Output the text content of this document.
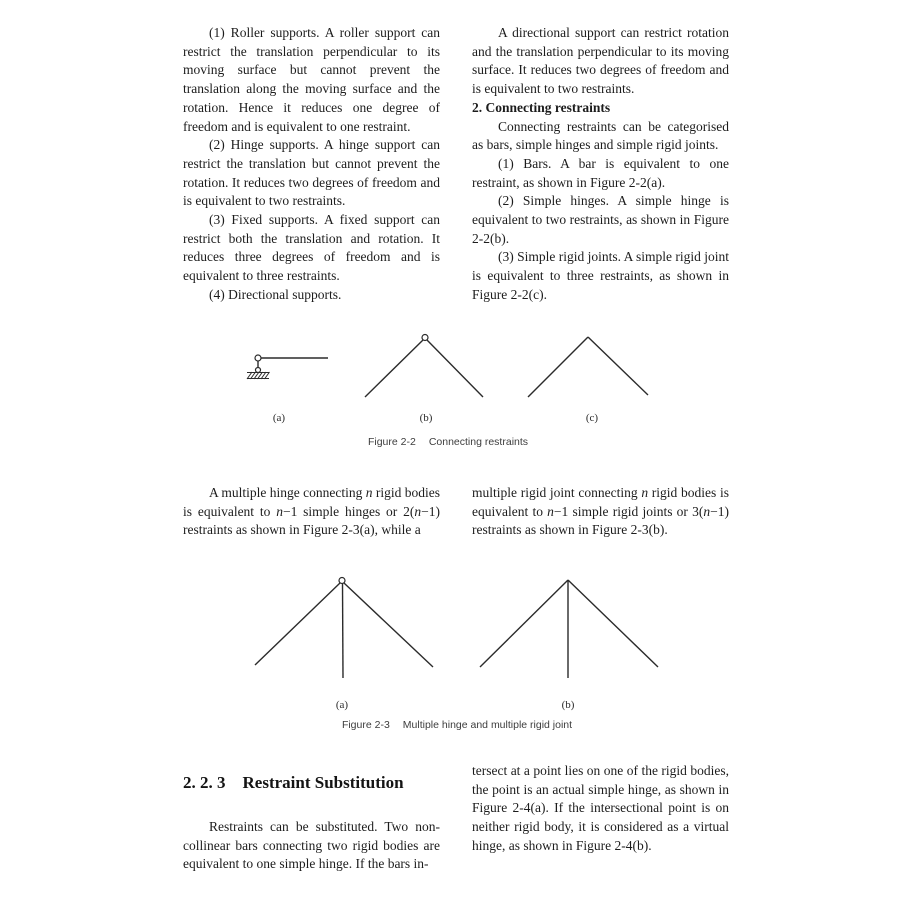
(1) Roller supports. A roller support can restrict the translation perpendicular to its moving surface but cannot prevent the translation along the moving surface and the rotation. Hence it reduces one degree of freedom and is equivalent to one restraint.

(2) Hinge supports. A hinge support can restrict the translation but cannot prevent the rotation. It reduces two degrees of freedom and is equivalent to two restraints.

(3) Fixed supports. A fixed support can restrict both the translation and rotation. It reduces three degrees of freedom and is equivalent to three restraints.

(4) Directional supports.

A directional support can restrict rotation and the translation perpendicular to its moving surface. It reduces two degrees of freedom and is equivalent to two restraints.

2. Connecting restraints

Connecting restraints can be categorised as bars, simple hinges and simple rigid joints.

(1) Bars. A bar is equivalent to one restraint, as shown in Figure 2-2(a).

(2) Simple hinges. A simple hinge is equivalent to two restraints, as shown in Figure 2-2(b).

(3) Simple rigid joints. A simple rigid joint is equivalent to three restraints, as shown in Figure 2-2(c).

(a)	(b)	(c)
Figure 2-2 Connecting restraints

A multiple hinge connecting n rigid bodies is equivalent to n−1 simple hinges or 2(n−1) restraints as shown in Figure 2-3(a), while a

multiple rigid joint connecting n rigid bodies is equivalent to n−1 simple rigid joints or 3(n−1) restraints as shown in Figure 2-3(b).

(a)	(b)
Figure 2-3 Multiple hinge and multiple rigid joint
2. 2. 3 Restraint Substitution

Restraints can be substituted. Two non-collinear bars connecting two rigid bodies are equivalent to one simple hinge. If the bars in-

tersect at a point lies on one of the rigid bodies, the point is an actual simple hinge, as shown in Figure 2-4(a). If the intersectional point is on neither rigid body, it is considered as a virtual hinge, as shown in Figure 2-4(b).
